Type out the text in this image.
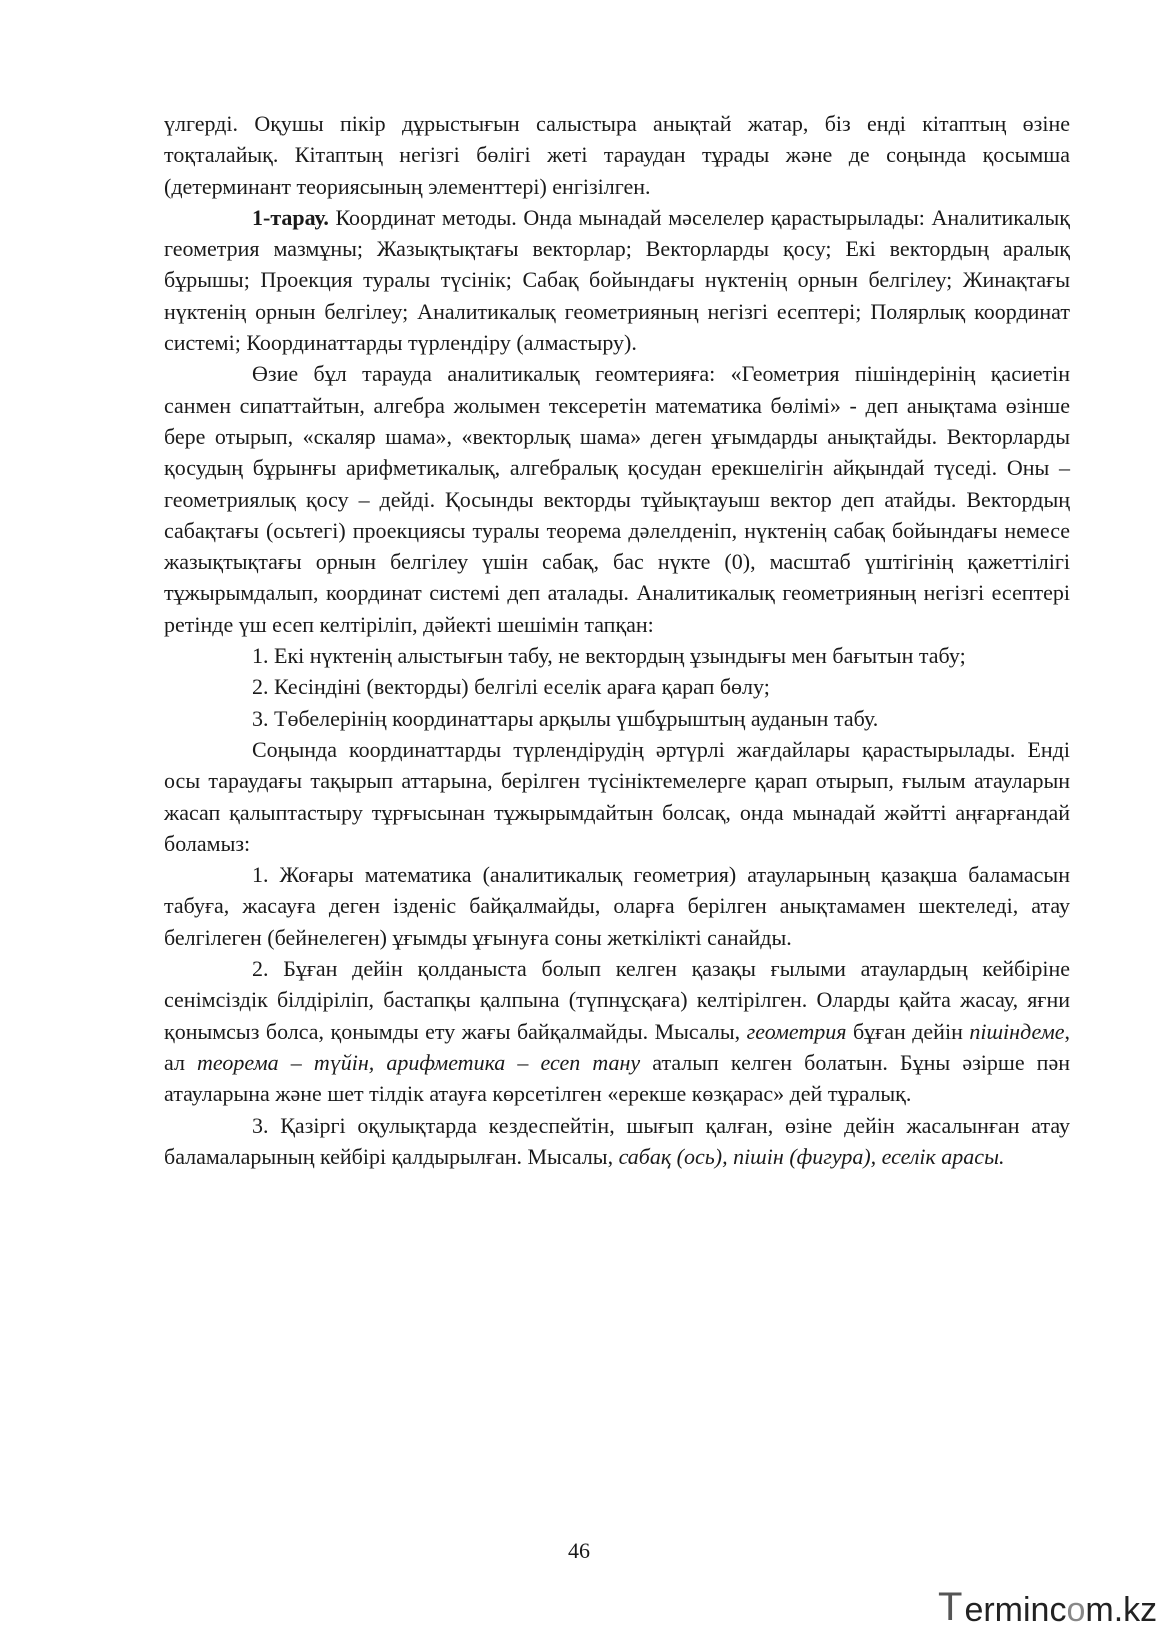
үлгерді. Оқушы пікір дұрыстығын салыстыра анықтай жатар, біз енді кітаптың өзіне тоқталайық. Кітаптың негізгі бөлігі жеті тараудан тұрады және де соңында қосымша (детерминант теориясының элементтері) енгізілген.

1-тарау. Координат методы. Онда мынадай мәселелер қарастырылады: Аналитикалық геометрия мазмұны; Жазықтықтағы векторлар; Векторларды қосу; Екі вектордың аралық бұрышы; Проекция туралы түсінік; Сабақ бойындағы нүктенің орнын белгілеу; Жинақтағы нүктенің орнын белгілеу; Аналитикалық геометрияның негізгі есептері; Полярлық координат системі; Координаттарды түрлендіру (алмастыру).

Өзие бұл тарауда аналитикалық геомтерияға: «Геометрия пішіндерінің қасиетін санмен сипаттайтын, алгебра жолымен тексеретін математика бөлімі» - деп анықтама өзінше бере отырып, «скаляр шама», «векторлық шама» деген ұғымдарды анықтайды. Векторларды қосудың бұрынғы арифметикалық, алгебралық қосудан ерекшелігін айқындай түседі. Оны – геометриялық қосу – дейді. Қосынды векторды тұйықтауыш вектор деп атайды. Вектордың сабақтағы (осьтегі) проекциясы туралы теорема дәлелденіп, нүктенің сабақ бойындағы немесе жазықтықтағы орнын белгілеу үшін сабақ, бас нүкте (0), масштаб үштігінің қажеттілігі тұжырымдалып, координат системі деп аталады. Аналитикалық геометрияның негізгі есептері ретінде үш есеп келтіріліп, дәйекті шешімін тапқан:

1. Екі нүктенің алыстығын табу, не вектордың ұзындығы мен бағытын табу;

2. Кесіндіні (векторды) белгілі еселік араға қарап бөлу;

3. Төбелерінің координаттары арқылы үшбұрыштың ауданын табу.

Соңында координаттарды түрлендірудің әртүрлі жағдайлары қарастырылады. Енді осы тараудағы тақырып аттарына, берілген түсініктемелерге қарап отырып, ғылым атауларын жасап қалыптастыру тұрғысынан тұжырымдайтын болсақ, онда мынадай жәйтті аңғарғандай боламыз:

1. Жоғары математика (аналитикалық геометрия) атауларының қазақша баламасын табуға, жасауға деген ізденіс байқалмайды, оларға берілген анықтамамен шектеледі, атау белгілеген (бейнелеген) ұғымды ұғынуға соны жеткілікті санайды.

2. Бұған дейін қолданыста болып келген қазақы ғылыми атаулардың кейбіріне сенімсіздік білдіріліп, бастапқы қалпына (түпнұсқаға) келтірілген. Оларды қайта жасау, яғни қонымсыз болса, қонымды ету жағы байқалмайды. Мысалы, геометрия бұған дейін пішіндеме, ал теорема – түйін, арифметика – есеп тану аталып келген болатын. Бұны әзірше пән атауларына және шет тілдік атауға көрсетілген «ерекше көзқарас» дей тұралық.

3. Қазіргі оқулықтарда кездеспейтін, шығып қалған, өзіне дейін жасалынған атау баламаларының кейбірі қалдырылған. Мысалы, сабақ (ось), пішін (фигура), еселік арасы.

46
T erminc o m.kz
